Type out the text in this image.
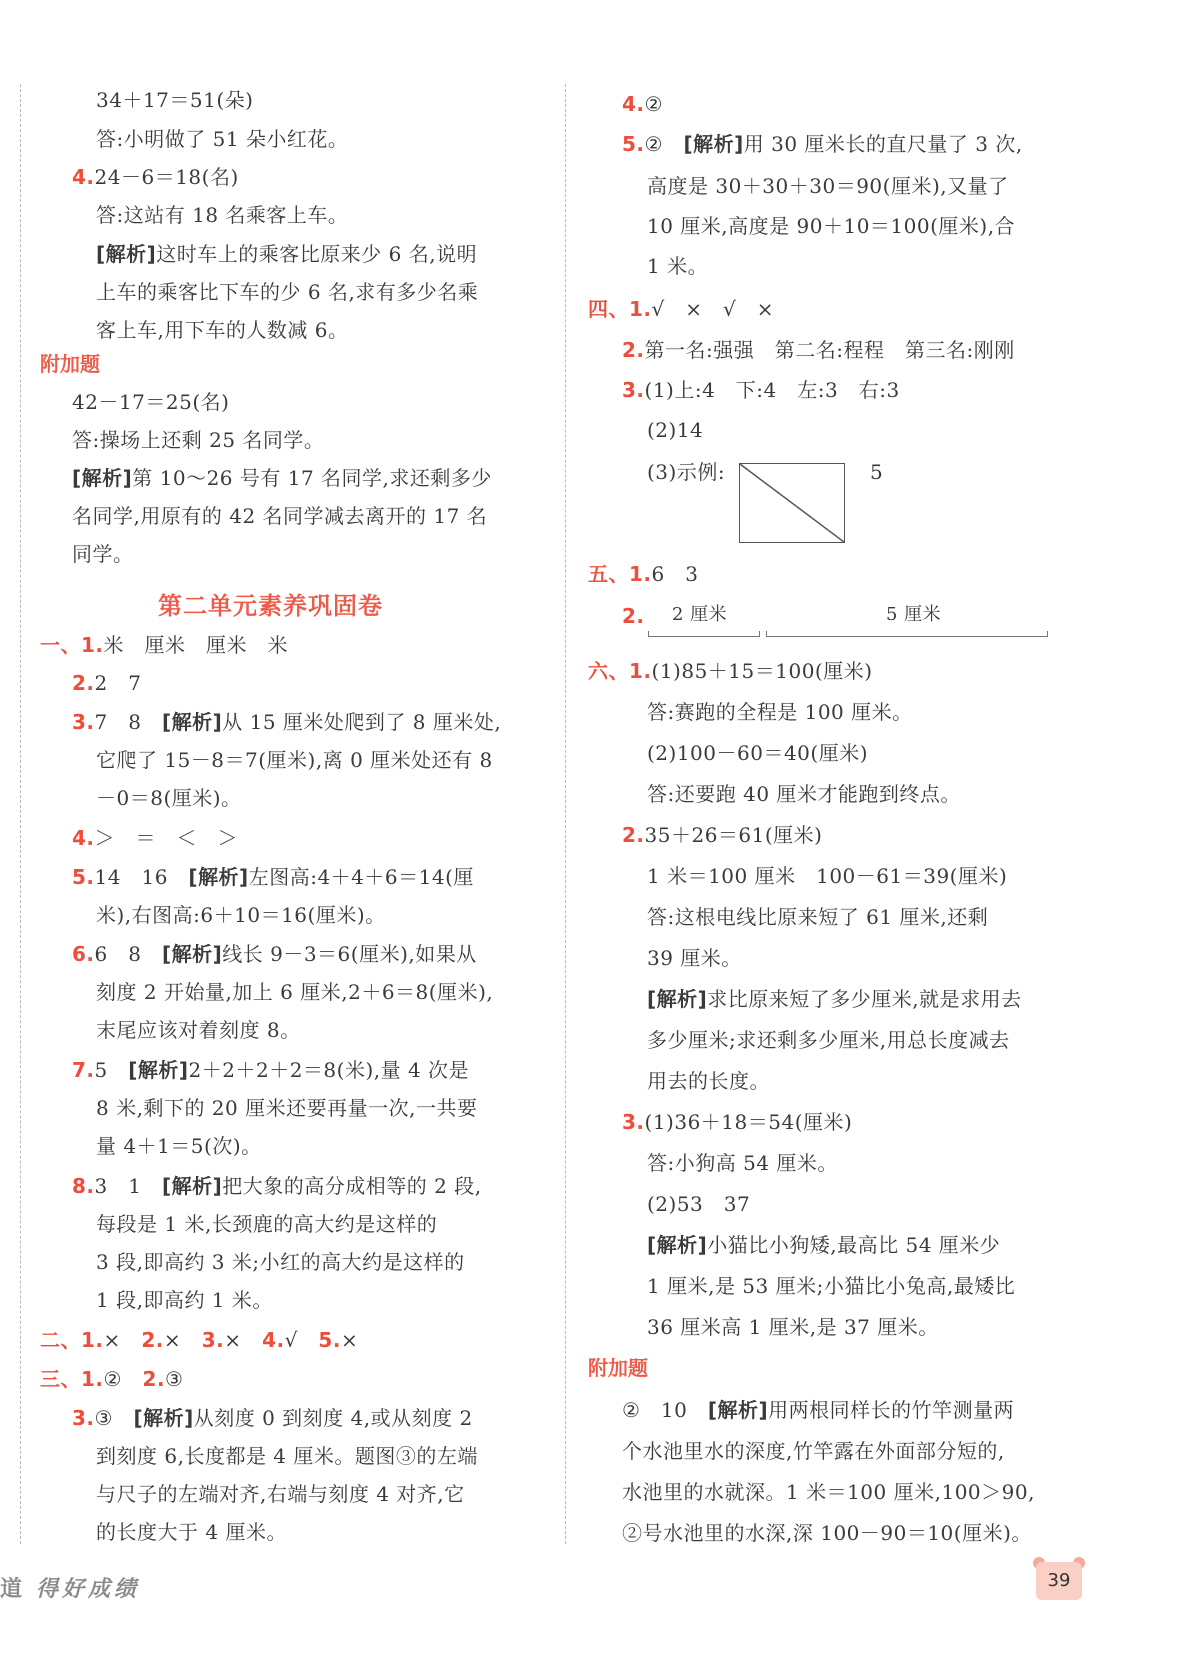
34＋17＝51(朵)
答:小明做了 51 朵小红花。
4.24－6＝18(名)
答:这站有 18 名乘客上车。
[解析]这时车上的乘客比原来少 6 名,说明
上车的乘客比下车的少 6 名,求有多少名乘
客上车,用下车的人数减 6。
附加题
42－17＝25(名)
答:操场上还剩 25 名同学。
[解析]第 10～26 号有 17 名同学,求还剩多少
名同学,用原有的 42 名同学减去离开的 17 名
同学。
第二单元素养巩固卷
一、1.米　厘米　厘米　米
2.2　7
3.7　8　[解析]从 15 厘米处爬到了 8 厘米处,
它爬了 15－8＝7(厘米),离 0 厘米处还有 8
－0＝8(厘米)。
4.＞　＝　＜　＞
5.14　16　[解析]左图高:4＋4＋6＝14(厘
米),右图高:6＋10＝16(厘米)。
6.6　8　[解析]线长 9－3＝6(厘米),如果从
刻度 2 开始量,加上 6 厘米,2＋6＝8(厘米),
末尾应该对着刻度 8。
7.5　[解析]2＋2＋2＋2＝8(米),量 4 次是
8 米,剩下的 20 厘米还要再量一次,一共要
量 4＋1＝5(次)。
8.3　1　[解析]把大象的高分成相等的 2 段,
每段是 1 米,长颈鹿的高大约是这样的
3 段,即高约 3 米;小红的高大约是这样的
1 段,即高约 1 米。
二、1.× 2.× 3.× 4.√ 5.×
三、1.② 2.③
3.③　[解析]从刻度 0 到刻度 4,或从刻度 2
到刻度 6,长度都是 4 厘米。题图③的左端
与尺子的左端对齐,右端与刻度 4 对齐,它
的长度大于 4 厘米。
4.②
5.②　[解析]用 30 厘米长的直尺量了 3 次,
高度是 30＋30＋30＝90(厘米),又量了
10 厘米,高度是 90＋10＝100(厘米),合
1 米。
四、1.√　×　√　×
2.第一名:强强　第二名:程程　第三名:刚刚
3.(1)上:4　下:4　左:3　右:3
(2)14
(3)示例:	5
五、1.6　3
2. 2 厘米	5 厘米
六、1.(1)85＋15＝100(厘米)
答:赛跑的全程是 100 厘米。
(2)100－60＝40(厘米)
答:还要跑 40 厘米才能跑到终点。
2.35＋26＝61(厘米)
1 米＝100 厘米　100－61＝39(厘米)
答:这根电线比原来短了 61 厘米,还剩
39 厘米。
[解析]求比原来短了多少厘米,就是求用去
多少厘米;求还剩多少厘米,用总长度减去
用去的长度。
3.(1)36＋18＝54(厘米)
答:小狗高 54 厘米。
(2)53　37
[解析]小猫比小狗矮,最高比 54 厘米少
1 厘米,是 53 厘米;小猫比小兔高,最矮比
36 厘米高 1 厘米,是 37 厘米。
附加题
②　10　[解析]用两根同样长的竹竿测量两
个水池里水的深度,竹竿露在外面部分短的,
水池里的水就深。1 米＝100 厘米,100＞90,
②号水池里的水深,深 100－90＝10(厘米)。
道 得好成绩	39
